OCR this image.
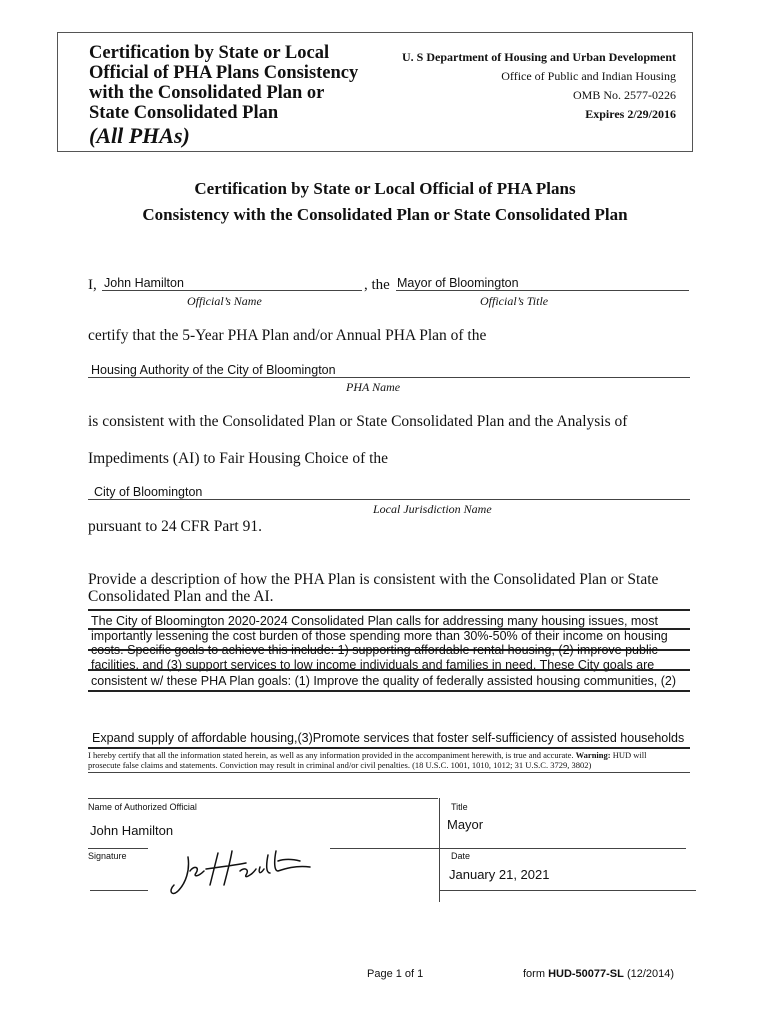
Certification by State or Local
Official of PHA Plans Consistency
with the Consolidated Plan or
State Consolidated Plan
(All PHAs)
U. S Department of Housing and Urban Development
Office of Public and Indian Housing
OMB No. 2577-0226
Expires 2/29/2016
Certification by State or Local Official of PHA Plans
Consistency with the Consolidated Plan or State Consolidated Plan
I, John Hamilton	, the Mayor of Bloomington
Official’s Name	Official’s Title
certify that the 5-Year PHA Plan and/or Annual PHA Plan of the
Housing Authority of the City of Bloomington
PHA Name
is consistent with the Consolidated Plan or State Consolidated Plan and the Analysis of
Impediments (AI) to Fair Housing Choice of the
City of Bloomington
Local Jurisdiction Name
pursuant to 24 CFR Part 91.
Provide a description of how the PHA Plan is consistent with the Consolidated Plan or State
Consolidated Plan and the AI.
The City of Bloomington 2020-2024 Consolidated Plan calls for addressing many housing issues, most
importantly lessening the cost burden of those spending more than 30%-50% of their income on housing
costs. Specific goals to achieve this include: 1) supporting affordable rental housing, (2) improve public
facilities, and (3) support services to low income individuals and families in need. These City goals are
consistent w/ these PHA Plan goals: (1) Improve the quality of federally assisted housing communities, (2)
Expand supply of affordable housing,(3)Promote services that foster self-sufficiency of assisted households
I hereby certify that all the information stated herein, as well as any information provided in the accompaniment herewith, is true and accurate. Warning: HUD will
prosecute false claims and statements. Conviction may result in criminal and/or civil penalties. (18 U.S.C. 1001, 1010, 1012; 31 U.S.C. 3729, 3802)
Name of Authorized Official	Title
John Hamilton	Mayor
Signature	Date
January 21, 2021
Page 1 of 1	form HUD-50077-SL (12/2014)
